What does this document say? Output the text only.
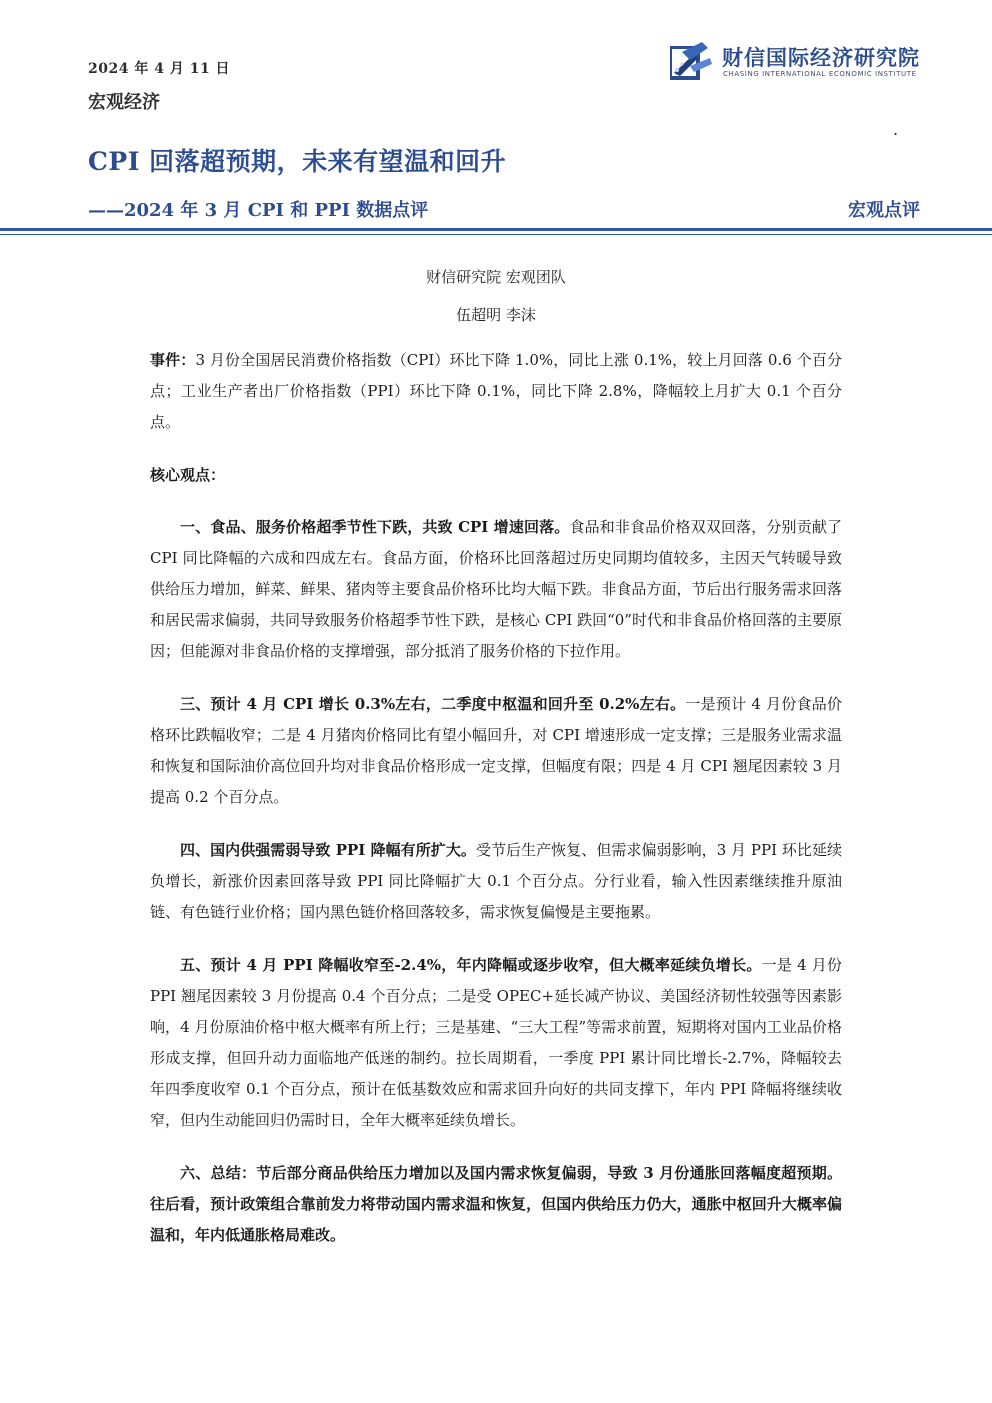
2024 年 4 月 11 日
宏观经济
财信国际经济研究院
CHASING INTERNATIONAL ECONOMIC INSTITUTE
.
CPI 回落超预期，未来有望温和回升
——2024 年 3 月 CPI 和 PPI 数据点评	宏观点评
财信研究院 宏观团队
伍超明 李沫

事件：3 月份全国居民消费价格指数（CPI）环比下降 1.0%，同比上涨 0.1%，较上月回落 0.6 个百分点；工业生产者出厂价格指数（PPI）环比下降 0.1%，同比下降 2.8%，降幅较上月扩大 0.1 个百分点。

核心观点：

一、食品、服务价格超季节性下跌，共致 CPI 增速回落。食品和非食品价格双双回落，分别贡献了 CPI 同比降幅的六成和四成左右。食品方面，价格环比回落超过历史同期均值较多，主因天气转暖导致供给压力增加，鲜菜、鲜果、猪肉等主要食品价格环比均大幅下跌。非食品方面，节后出行服务需求回落和居民需求偏弱，共同导致服务价格超季节性下跌，是核心 CPI 跌回“0”时代和非食品价格回落的主要原因；但能源对非食品价格的支撑增强，部分抵消了服务价格的下拉作用。

三、预计 4 月 CPI 增长 0.3%左右，二季度中枢温和回升至 0.2%左右。一是预计 4 月份食品价格环比跌幅收窄；二是 4 月猪肉价格同比有望小幅回升，对 CPI 增速形成一定支撑；三是服务业需求温和恢复和国际油价高位回升均对非食品价格形成一定支撑，但幅度有限；四是 4 月 CPI 翘尾因素较 3 月提高 0.2 个百分点。

四、国内供强需弱导致 PPI 降幅有所扩大。受节后生产恢复、但需求偏弱影响，3 月 PPI 环比延续负增长，新涨价因素回落导致 PPI 同比降幅扩大 0.1 个百分点。分行业看，输入性因素继续推升原油链、有色链行业价格；国内黑色链价格回落较多，需求恢复偏慢是主要拖累。

五、预计 4 月 PPI 降幅收窄至-2.4%，年内降幅或逐步收窄，但大概率延续负增长。一是 4 月份 PPI 翘尾因素较 3 月份提高 0.4 个百分点；二是受 OPEC+延长减产协议、美国经济韧性较强等因素影响，4 月份原油价格中枢大概率有所上行；三是基建、“三大工程”等需求前置，短期将对国内工业品价格形成支撑，但回升动力面临地产低迷的制约。拉长周期看，一季度 PPI 累计同比增长-2.7%，降幅较去年四季度收窄 0.1 个百分点，预计在低基数效应和需求回升向好的共同支撑下，年内 PPI 降幅将继续收窄，但内生动能回归仍需时日，全年大概率延续负增长。

六、总结：节后部分商品供给压力增加以及国内需求恢复偏弱，导致 3 月份通胀回落幅度超预期。往后看，预计政策组合靠前发力将带动国内需求温和恢复，但国内供给压力仍大，通胀中枢回升大概率偏温和，年内低通胀格局难改。
